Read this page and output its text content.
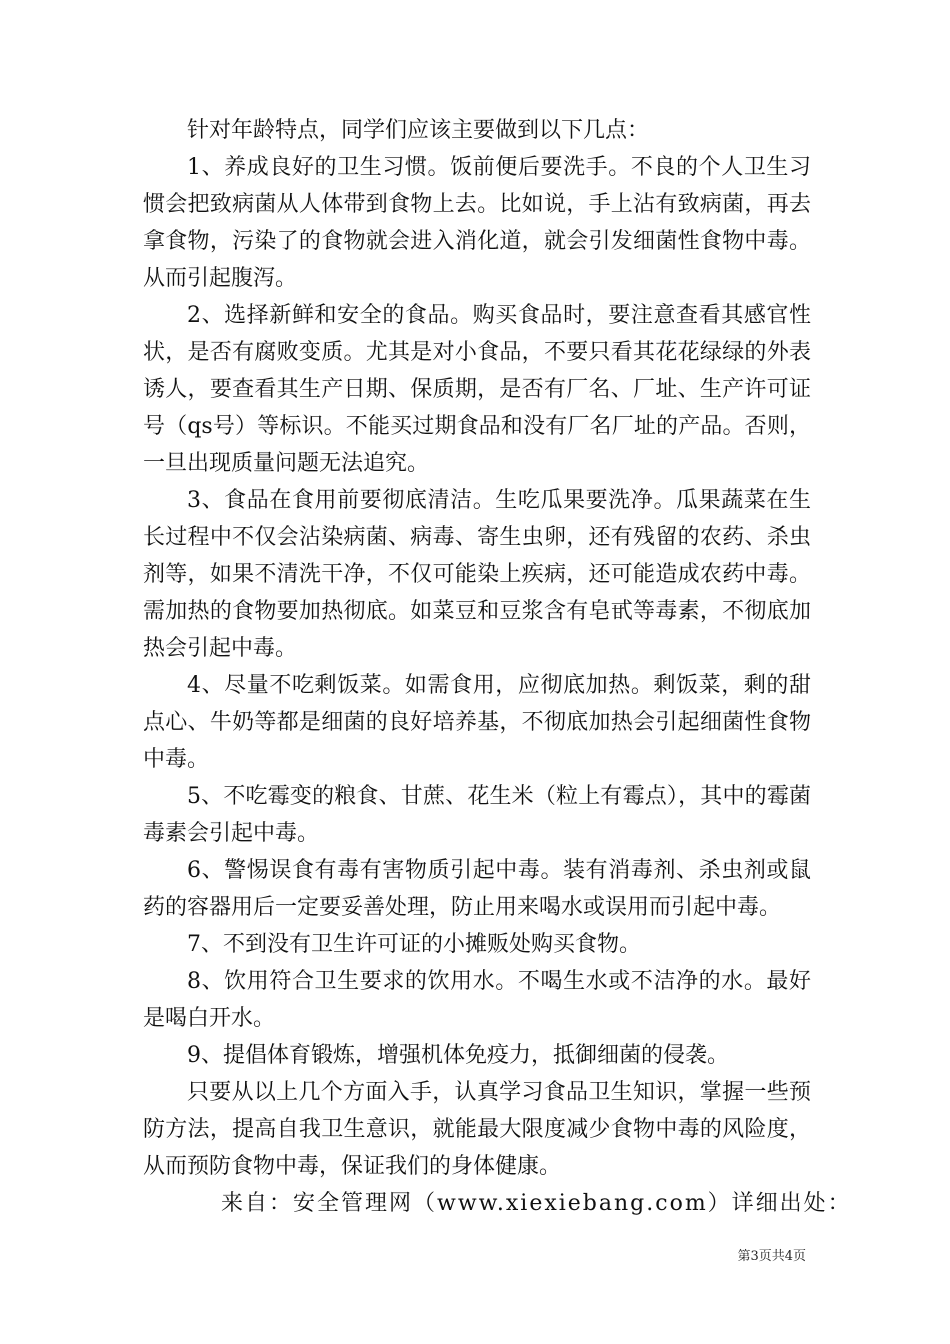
针对年龄特点，同学们应该主要做到以下几点：

1、养成良好的卫生习惯。饭前便后要洗手。不良的个人卫生习惯会把致病菌从人体带到食物上去。比如说，手上沾有致病菌，再去拿食物，污染了的食物就会进入消化道，就会引发细菌性食物中毒。从而引起腹泻。

2、选择新鲜和安全的食品。购买食品时，要注意查看其感官性状，是否有腐败变质。尤其是对小食品，不要只看其花花绿绿的外表诱人，要查看其生产日期、保质期，是否有厂名、厂址、生产许可证号（qs号）等标识。不能买过期食品和没有厂名厂址的产品。否则，一旦出现质量问题无法追究。

3、食品在食用前要彻底清洁。生吃瓜果要洗净。瓜果蔬菜在生长过程中不仅会沾染病菌、病毒、寄生虫卵，还有残留的农药、杀虫剂等，如果不清洗干净，不仅可能染上疾病，还可能造成农药中毒。需加热的食物要加热彻底。如菜豆和豆浆含有皂甙等毒素，不彻底加热会引起中毒。

4、尽量不吃剩饭菜。如需食用，应彻底加热。剩饭菜，剩的甜点心、牛奶等都是细菌的良好培养基，不彻底加热会引起细菌性食物中毒。

5、不吃霉变的粮食、甘蔗、花生米（粒上有霉点），其中的霉菌毒素会引起中毒。

6、警惕误食有毒有害物质引起中毒。装有消毒剂、杀虫剂或鼠药的容器用后一定要妥善处理，防止用来喝水或误用而引起中毒。

7、不到没有卫生许可证的小摊贩处购买食物。

8、饮用符合卫生要求的饮用水。不喝生水或不洁净的水。最好是喝白开水。

9、提倡体育锻炼，增强机体免疫力，抵御细菌的侵袭。

只要从以上几个方面入手，认真学习食品卫生知识，掌握一些预防方法，提高自我卫生意识，就能最大限度减少食物中毒的风险度，从而预防食物中毒，保证我们的身体健康。

来自：安全管理网（www.xiexiebang.com）详细出处：

第3页共4页
